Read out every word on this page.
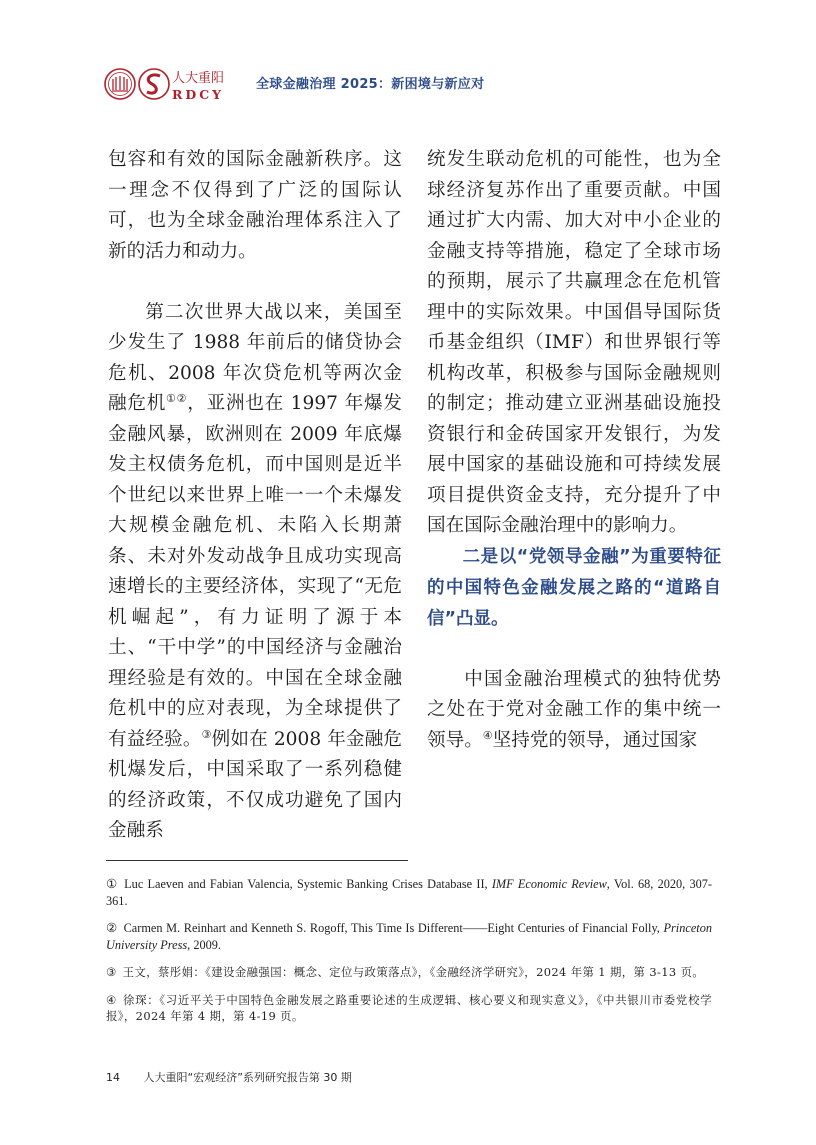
人大重阳
RDCY
全球金融治理 2025：新困境与新应对

包容和有效的国际金融新秩序。这一理念不仅得到了广泛的国际认可，也为全球金融治理体系注入了新的活力和动力。

第二次世界大战以来，美国至少发生了 1988 年前后的储贷协会危机、2008 年次贷危机等两次金融危机①②，亚洲也在 1997 年爆发金融风暴，欧洲则在 2009 年底爆发主权债务危机，而中国则是近半个世纪以来世界上唯一一个未爆发大规模金融危机、未陷入长期萧条、未对外发动战争且成功实现高速增长的主要经济体，实现了“无危机崛起”，有力证明了源于本土、“干中学”的中国经济与金融治理经验是有效的。中国在全球金融危机中的应对表现，为全球提供了有益经验。③例如在 2008 年金融危机爆发后，中国采取了一系列稳健的经济政策，不仅成功避免了国内金融系

统发生联动危机的可能性，也为全球经济复苏作出了重要贡献。中国通过扩大内需、加大对中小企业的金融支持等措施，稳定了全球市场的预期，展示了共赢理念在危机管理中的实际效果。中国倡导国际货币基金组织（IMF）和世界银行等机构改革，积极参与国际金融规则的制定；推动建立亚洲基础设施投资银行和金砖国家开发银行，为发展中国家的基础设施和可持续发展项目提供资金支持，充分提升了中国在国际金融治理中的影响力。

二是以“党领导金融”为重要特征的中国特色金融发展之路的“道路自信”凸显。

中国金融治理模式的独特优势之处在于党对金融工作的集中统一领导。④坚持党的领导，通过国家

① Luc Laeven and Fabian Valencia, Systemic Banking Crises Database II, IMF Economic Review, Vol. 68, 2020, 307-361.

② Carmen M. Reinhart and Kenneth S. Rogoff, This Time Is Different——Eight Centuries of Financial Folly, Princeton University Press, 2009.

③ 王文，蔡彤娟：《建设金融强国：概念、定位与政策落点》，《金融经济学研究》，2024 年第 1 期，第 3-13 页。

④ 徐琛：《习近平关于中国特色金融发展之路重要论述的生成逻辑、核心要义和现实意义》，《中共银川市委党校学报》，2024 年第 4 期，第 4-19 页。

14 人大重阳“宏观经济”系列研究报告第 30 期
